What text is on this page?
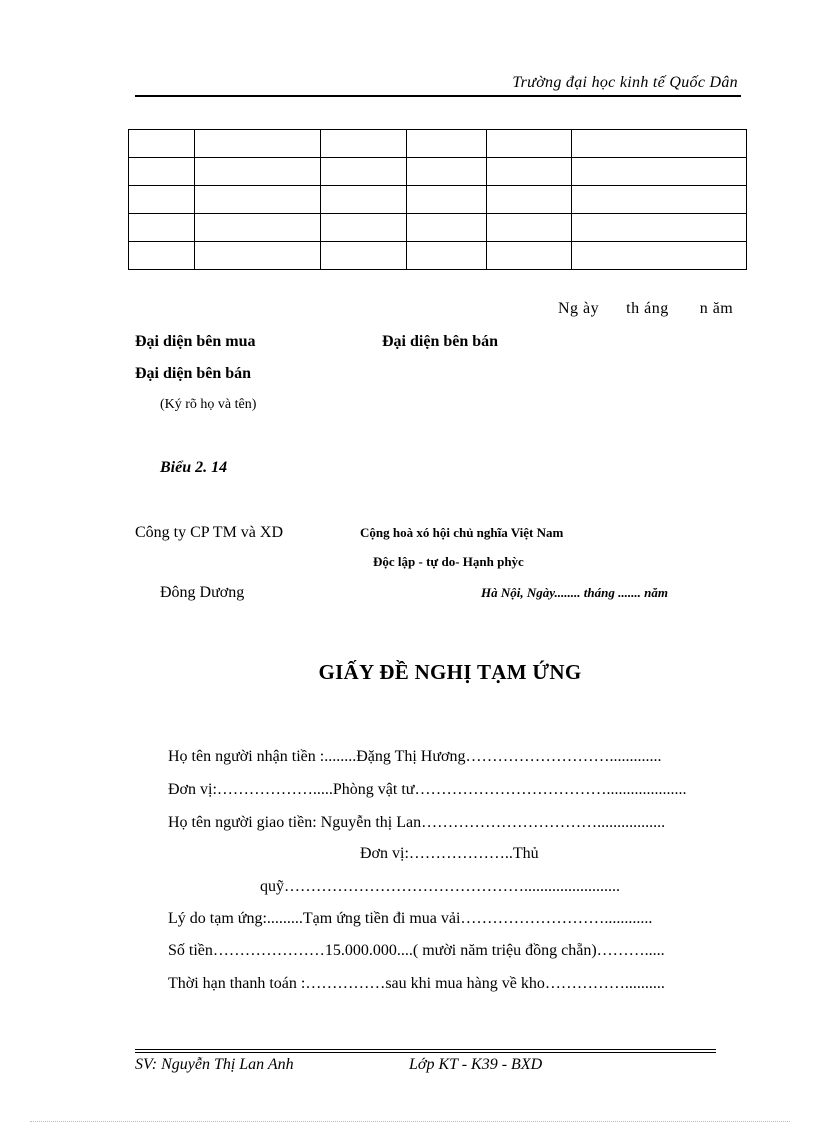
Trường đại học kinh tế Quốc Dân

Ng ày th áng n ăm
Đại diện bên mua	Đại diện bên bán
Đại diện bên bán
(Ký rõ họ và tên)
Biểu 2. 14
Công ty CP TM và XD
Đông Dương
Cộng hoà xó hội chủ nghĩa Việt Nam
Độc lập - tự do- Hạnh phỳc
Hà Nội, Ngày........ tháng ....... năm
GIẤY ĐỀ NGHỊ TẠM ỨNG
Họ tên người nhận tiền :........Đặng Thị Hương……………………….............
Đơn vị:……………….....Phòng vật tư………………………………....................
Họ tên người giao tiền: Nguyễn thị Lan…………………………….................
Đơn vị:………………..Thủ
quỹ………………………………………........................
Lý do tạm ứng:.........Tạm ứng tiền đi mua vải………………………............
Số tiền…………………15.000.000....( mười năm triệu đồng chẵn)……….....
Thời hạn thanh toán :……………sau khi mua hàng về kho……………..........
SV: Nguyễn Thị Lan Anh	Lớp KT - K39 - BXD
